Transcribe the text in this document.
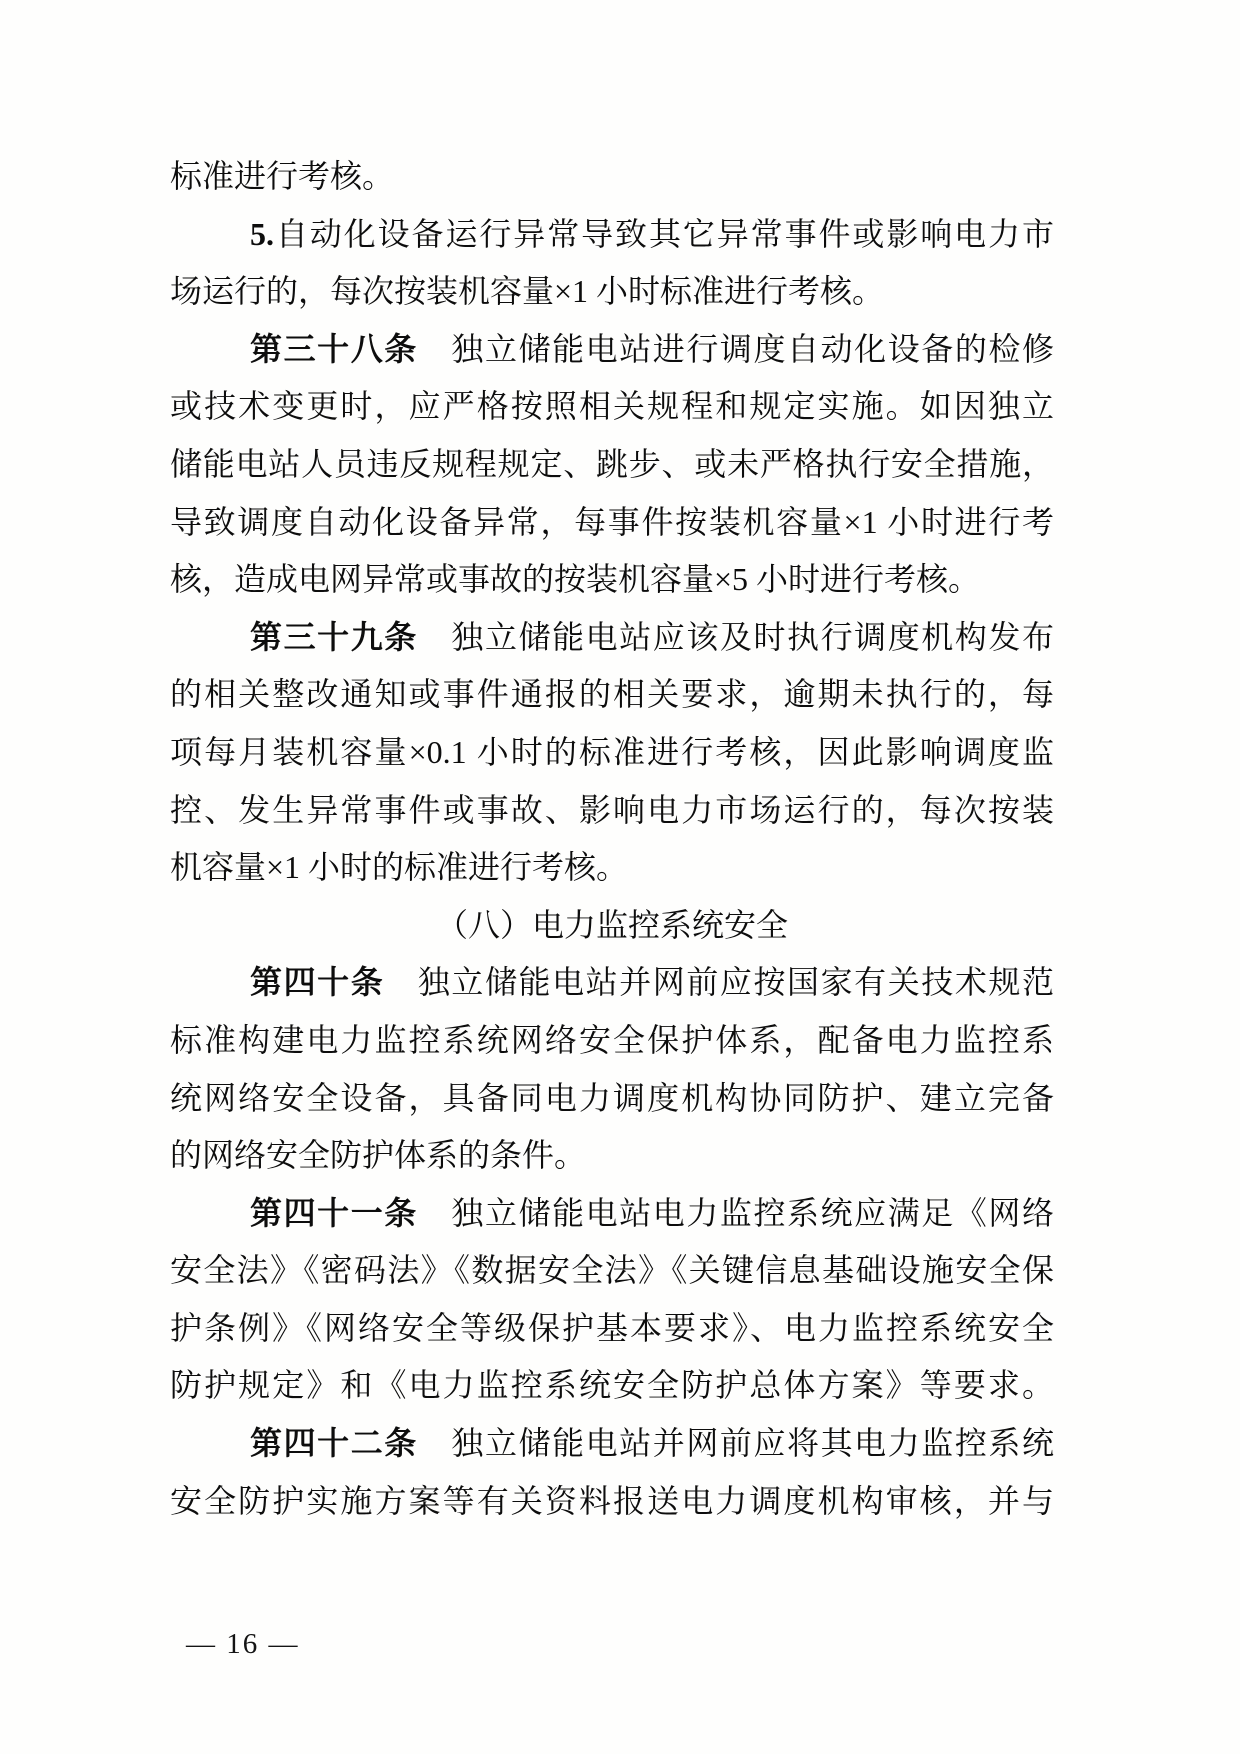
标准进行考核。
5.自动化设备运行异常导致其它异常事件或影响电力市
场运行的，每次按装机容量×1 小时标准进行考核。
第三十八条　独立储能电站进行调度自动化设备的检修
或技术变更时，应严格按照相关规程和规定实施。如因独立
储能电站人员违反规程规定、跳步、或未严格执行安全措施，
导致调度自动化设备异常，每事件按装机容量×1 小时进行考
核，造成电网异常或事故的按装机容量×5 小时进行考核。
第三十九条　独立储能电站应该及时执行调度机构发布
的相关整改通知或事件通报的相关要求，逾期未执行的，每
项每月装机容量×0.1 小时的标准进行考核，因此影响调度监
控、发生异常事件或事故、影响电力市场运行的，每次按装
机容量×1 小时的标准进行考核。
（八）电力监控系统安全
第四十条　独立储能电站并网前应按国家有关技术规范
标准构建电力监控系统网络安全保护体系，配备电力监控系
统网络安全设备，具备同电力调度机构协同防护、建立完备
的网络安全防护体系的条件。
第四十一条　独立储能电站电力监控系统应满足《网络
安全法》《密码法》《数据安全法》《关键信息基础设施安全保
护条例》《网络安全等级保护基本要求》、电力监控系统安全
防护规定》和《电力监控系统安全防护总体方案》等要求。
第四十二条　独立储能电站并网前应将其电力监控系统
安全防护实施方案等有关资料报送电力调度机构审核，并与
— 16 —
